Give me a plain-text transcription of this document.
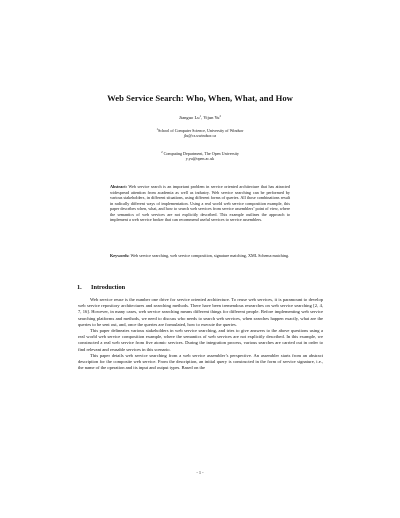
Web Service Search: Who, When, What, and How
Jianguo Lu$^1$, Yijun Yu$^2$
$^1$School of Computer Science, University of Windsor
jlu@cs.uwindsor.ca
$^2$ Computing Department, The Open University
y.yu@open.ac.uk
Abstract: Web service search is an important problem in service oriented architecture that has attracted widespread attention from academia as well as industry. Web service searching can be performed by various stakeholders, in different situations, using different forms of queries. All those combinations result in radically different ways of implementation. Using a real world web service composition example, this paper describes when, what, and how to search web services from service assemblers’ point of view, where the semantics of web services are not explicitly described. This example outlines the approach to implement a web service broker that can recommend useful services to service assemblers.
Keywords: Web service searching, web service composition, signature matching, XML Schema matching.
1. Introduction

Web service reuse is the number one drive for service oriented architecture. To reuse web services, it is paramount to develop web service repository architectures and searching methods. There have been tremendous researches on web service searching [2, 4, 7, 16]. However, in many cases, web service searching means different things for different people. Before implementing web service searching platforms and methods, we need to discuss who needs to search web services, when searches happen exactly, what are the queries to be sent out, and, once the queries are formulated, how to execute the queries.

This paper delineates various stakeholders in web service searching, and tries to give answers to the above questions using a real world web service composition example, where the semantics of web services are not explicitly described. In this example, we constructed a real web service from five atomic services. During the integration process, various searches are carried out in order to find relevant and reusable services in this scenario.

This paper details web service searching from a web service assembler’s perspective. An assembler starts from an abstract description for the composite web service. From the description, an initial query is constructed in the form of service signature, i.e., the name of the operation and its input and output types. Based on the

- 1 -
